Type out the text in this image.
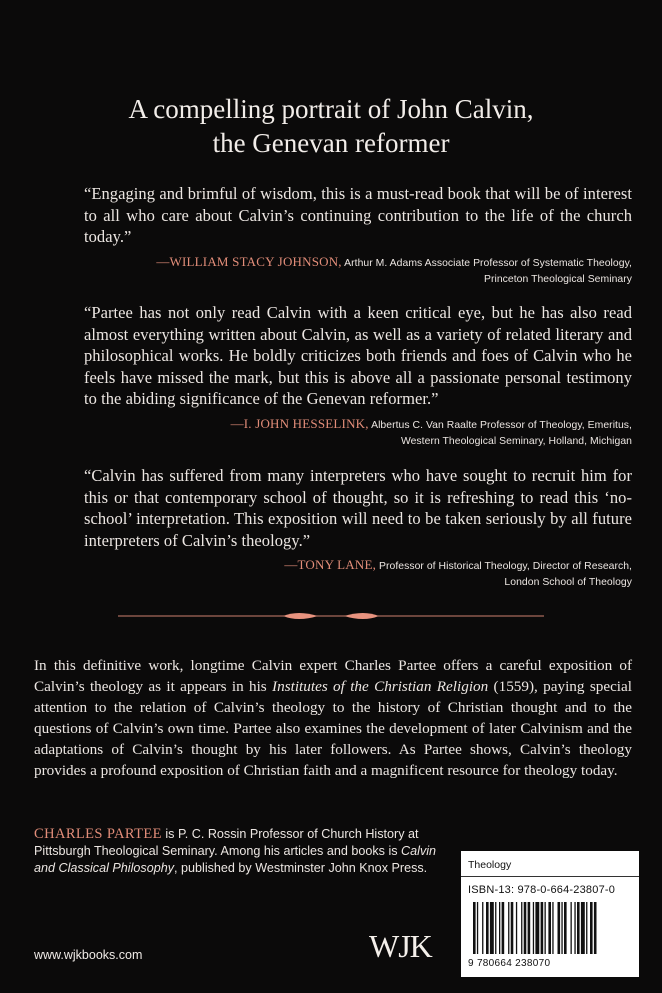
A compelling portrait of John Calvin,
the Genevan reformer

“Engaging and brimful of wisdom, this is a must-read book that will be of interest to all who care about Calvin’s continuing contribution to the life of the church today.”

—WILLIAM STACY JOHNSON, Arthur M. Adams Associate Professor of Systematic Theology,
Princeton Theological Seminary

“Partee has not only read Calvin with a keen critical eye, but he has also read almost everything written about Calvin, as well as a variety of related literary and philosophical works. He boldly criticizes both friends and foes of Calvin who he feels have missed the mark, but this is above all a passionate personal testimony to the abiding significance of the Genevan reformer.”

—I. JOHN HESSELINK, Albertus C. Van Raalte Professor of Theology, Emeritus,
Western Theological Seminary, Holland, Michigan

“Calvin has suffered from many interpreters who have sought to recruit him for this or that contemporary school of thought, so it is refreshing to read this ‘no-school’ interpretation. This exposition will need to be taken seriously by all future interpreters of Calvin’s theology.”

—TONY LANE, Professor of Historical Theology, Director of Research,
London School of Theology

In this definitive work, longtime Calvin expert Charles Partee offers a careful exposition of Calvin’s theology as it appears in his Institutes of the Christian Religion (1559), paying special attention to the relation of Calvin’s theology to the history of Christian thought and to the questions of Calvin’s own time. Partee also examines the development of later Calvinism and the adaptations of Calvin’s thought by his later followers. As Partee shows, Calvin’s theology provides a profound exposition of Christian faith and a magnificent resource for theology today.

CHARLES PARTEE is P. C. Rossin Professor of Church History at Pittsburgh Theological Seminary. Among his articles and books is Calvin and Classical Philosophy, published by Westminster John Knox Press.
www.wjkbooks.com	WJK
Theology
ISBN-13: 978-0-664-23807-0
9 780664 238070
